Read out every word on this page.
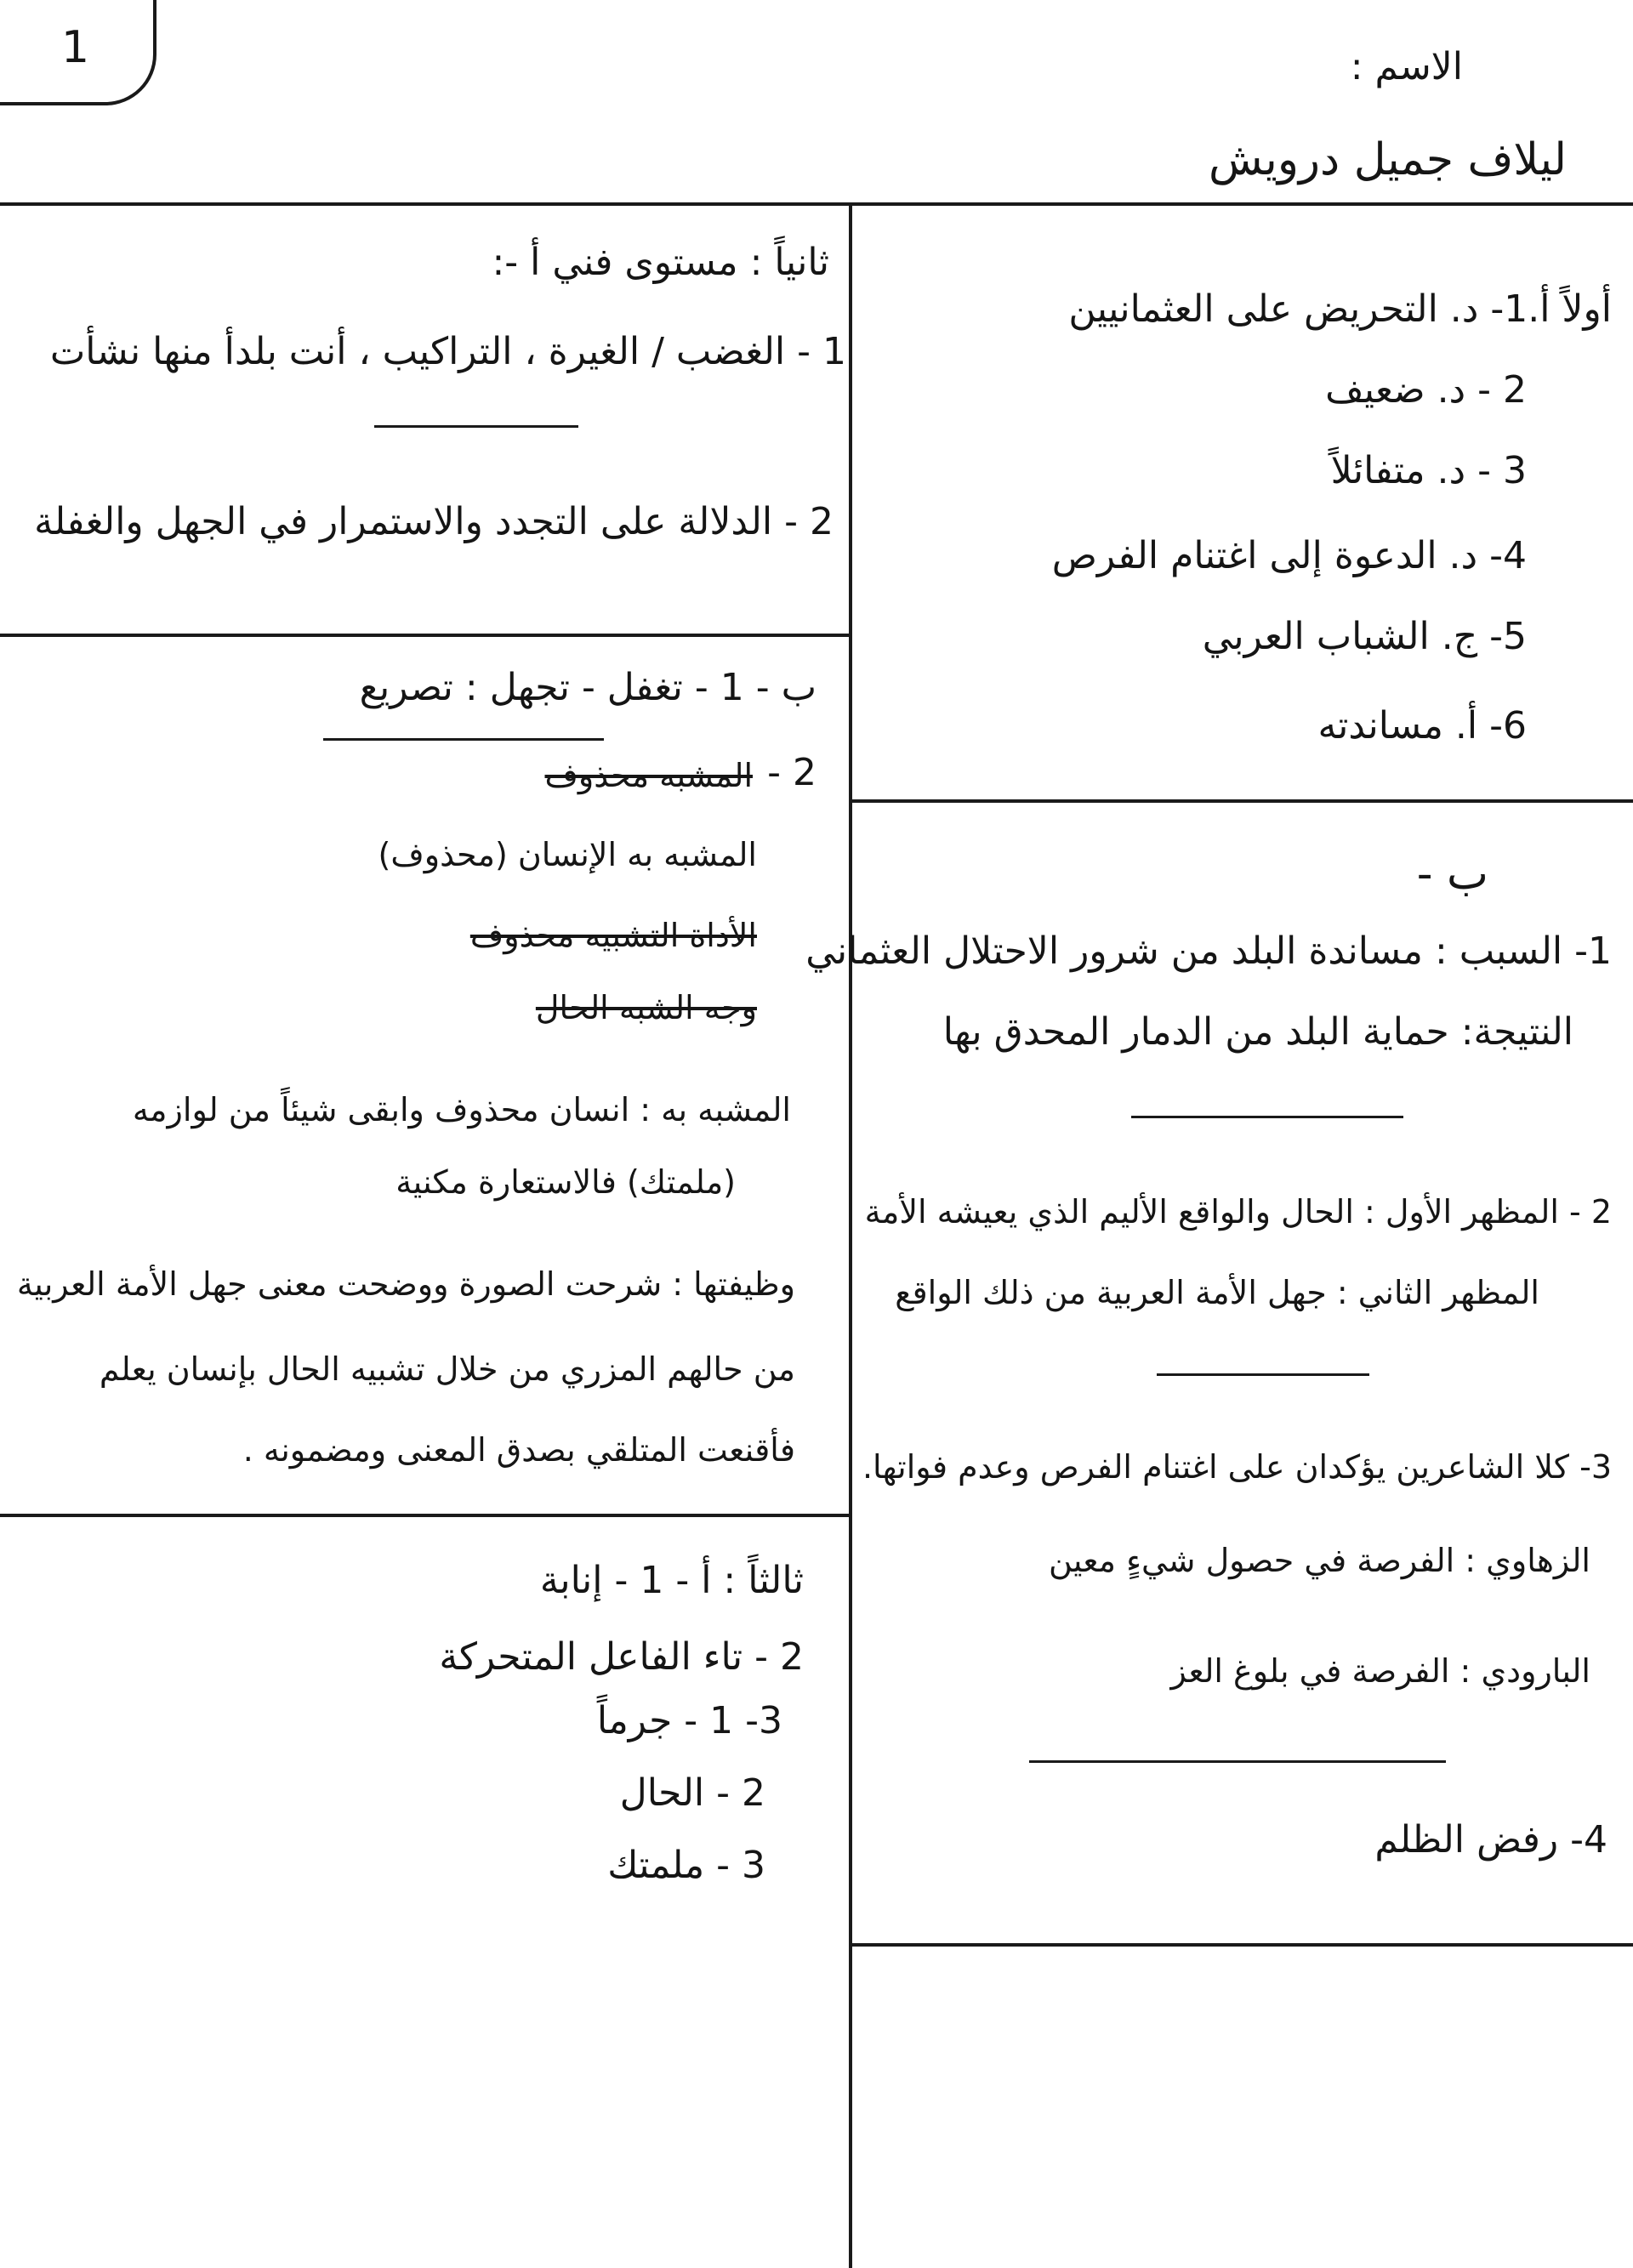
1	الاسم :
ليلاف جميل درويش
أولاً أ.1- د. التحريض على العثمانيين
2 - د. ضعيف
3 - د. متفائلاً
4- د. الدعوة إلى اغتنام الفرص
5- ج. الشباب العربي
6- أ. مساندته
ب -
1- السبب : مساندة البلد من شرور الاحتلال العثماني
النتيجة: حماية البلد من الدمار المحدق بها
2 - المظهر الأول : الحال والواقع الأليم الذي يعيشه الأمة
المظهر الثاني : جهل الأمة العربية من ذلك الواقع
3- كلا الشاعرين يؤكدان على اغتنام الفرص وعدم فواتها.
الزهاوي : الفرصة في حصول شيءٍ معين
البارودي : الفرصة في بلوغ العز
4- رفض الظلم
ثانياً : مستوى فني أ -:
1 - الغضب / الغيرة ، التراكيب ، أنت بلدأ منها نشأت
2 - الدلالة على التجدد والاستمرار في الجهل والغفلة
ب - 1 - تغفل - تجهل : تصريع
2 -
المشبه محذوف
المشبه به الإنسان (محذوف)
الأداة التشبيه محذوف
وجه الشبه الحال
المشبه به : انسان محذوف وابقى شيئاً من لوازمه
(ملمتك) فالاستعارة مكنية
وظيفتها : شرحت الصورة ووضحت معنى جهل الأمة العربية
من حالهم المزري من خلال تشبيه الحال بإنسان يعلم
فأقنعت المتلقي بصدق المعنى ومضمونه .
ثالثاً : أ - 1 - إنابة
2 - تاء الفاعل المتحركة
3- 1 - جرماً
2 - الحال
3 - ملمتك
